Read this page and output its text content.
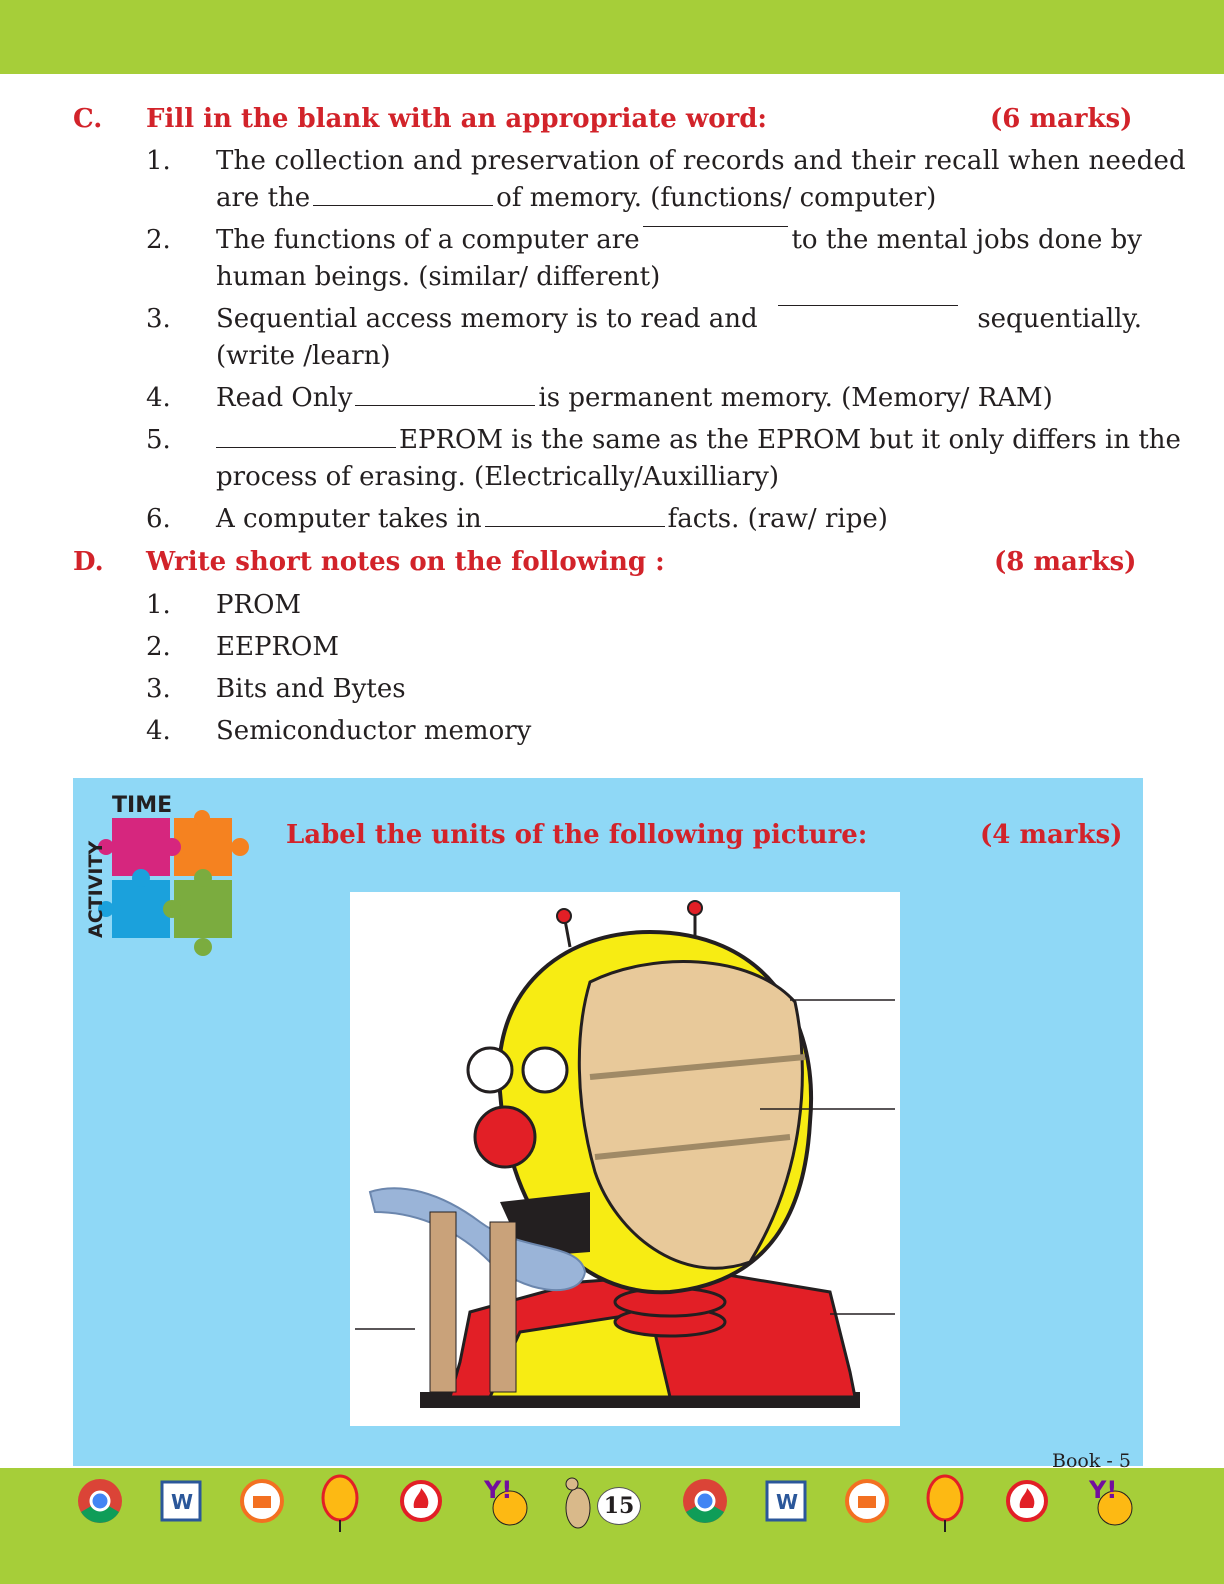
C. Fill in the blank with an appropriate word:	(6 marks)
1. The collection and preservation of records and their recall when needed
are the	of memory. (functions/ computer)
2. The functions of a computer are	to the mental jobs done by
human beings. (similar/ different)
3. Sequential access memory is to read and	sequentially.
(write /learn)
4. Read Only	is permanent memory. (Memory/ RAM)
5.	EPROM is the same as the EPROM but it only differs in the
process of erasing. (Electrically/Auxilliary)
6. A computer takes in	facts. (raw/ ripe)
D. Write short notes on the following :	(8 marks)
1. PROM
2. EEPROM
3. Bits and Bytes
4. Semiconductor memory
TIME
ACTIVITY
Label the units of the following picture:	(4 marks)
Book - 5
W	Y!	W	Y!
15
